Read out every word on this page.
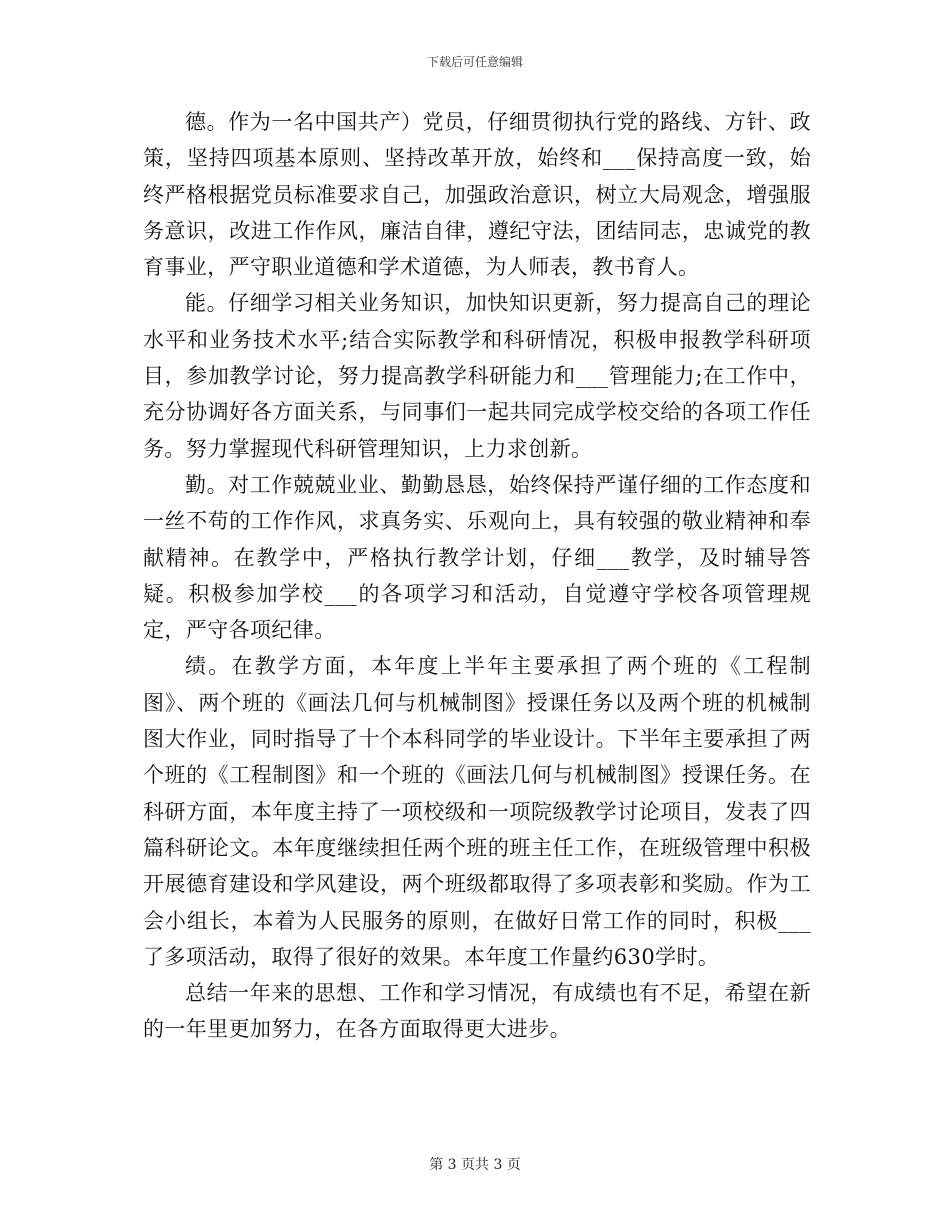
下载后可任意编辑

德。作为一名中国共产）党员，仔细贯彻执行党的路线、方针、政策，坚持四项基本原则、坚持改革开放，始终和___保持高度一致，始终严格根据党员标准要求自己，加强政治意识，树立大局观念，增强服务意识，改进工作作风，廉洁自律，遵纪守法，团结同志，忠诚党的教育事业，严守职业道德和学术道德，为人师表，教书育人。

能。仔细学习相关业务知识，加快知识更新，努力提高自己的理论水平和业务技术水平;结合实际教学和科研情况，积极申报教学科研项目，参加教学讨论，努力提高教学科研能力和___管理能力;在工作中，充分协调好各方面关系，与同事们一起共同完成学校交给的各项工作任务。努力掌握现代科研管理知识，上力求创新。

勤。对工作兢兢业业、勤勤恳恳，始终保持严谨仔细的工作态度和一丝不苟的工作作风，求真务实、乐观向上，具有较强的敬业精神和奉献精神。在教学中，严格执行教学计划，仔细___教学，及时辅导答疑。积极参加学校___的各项学习和活动，自觉遵守学校各项管理规定，严守各项纪律。

绩。在教学方面，本年度上半年主要承担了两个班的《工程制图》、两个班的《画法几何与机械制图》授课任务以及两个班的机械制图大作业，同时指导了十个本科同学的毕业设计。下半年主要承担了两个班的《工程制图》和一个班的《画法几何与机械制图》授课任务。在科研方面，本年度主持了一项校级和一项院级教学讨论项目，发表了四篇科研论文。本年度继续担任两个班的班主任工作，在班级管理中积极开展德育建设和学风建设，两个班级都取得了多项表彰和奖励。作为工会小组长，本着为人民服务的原则，在做好日常工作的同时，积极___了多项活动，取得了很好的效果。本年度工作量约630学时。

总结一年来的思想、工作和学习情况，有成绩也有不足，希望在新的一年里更加努力，在各方面取得更大进步。

第 3 页共 3 页
